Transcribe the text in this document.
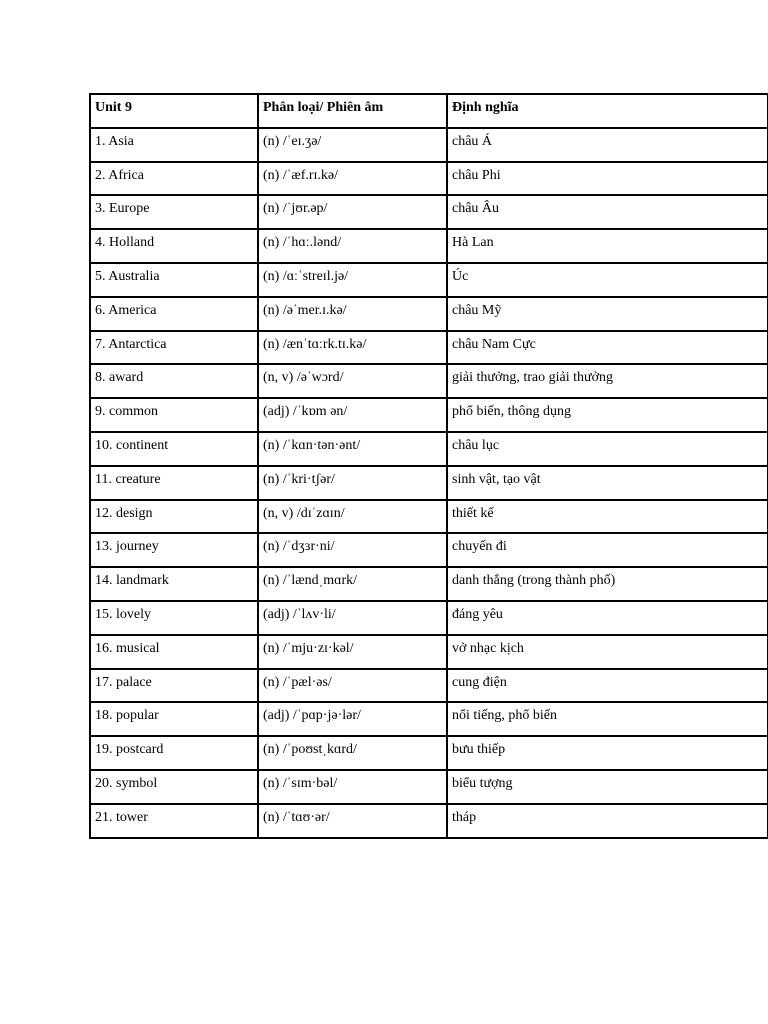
Unit 9	Phân loại/ Phiên âm	Định nghĩa

1. Asia	(n) /ˈeɪ.ʒə/	châu Á

2. Africa	(n) /ˈæf.rɪ.kə/	châu Phi

3. Europe	(n) /ˈjʊr.əp/	châu Âu

4. Holland	(n) /ˈhɑː.lənd/	Hà Lan

5. Australia	(n) /ɑːˈstreɪl.jə/	Úc

6. America	(n) /əˈmer.ɪ.kə/	châu Mỹ

7. Antarctica	(n) /ænˈtɑːrk.tɪ.kə/	châu Nam Cực

8. award	(n, v) /əˈwɔrd/	giải thưởng, trao giải thưởng

9. common	(adj) /ˈkɒm ən/	phổ biến, thông dụng

10. continent	(n) /ˈkɑn·tən·ənt/	châu lục

11. creature	(n) /ˈkri·tʃər/	sinh vật, tạo vật

12. design	(n, v) /dɪˈzɑɪn/	thiết kế

13. journey	(n) /ˈdʒɜr·ni/	chuyến đi

14. landmark	(n) /ˈlændˌmɑrk/	danh thắng (trong thành phố)

15. lovely	(adj) /ˈlʌv·li/	đáng yêu

16. musical	(n) /ˈmju·zɪ·kəl/	vở nhạc kịch

17. palace	(n) /ˈpæl·əs/	cung điện

18. popular	(adj) /ˈpɑp·jə·lər/	nổi tiếng, phổ biến

19. postcard	(n) /ˈpoʊstˌkɑrd/	bưu thiếp

20. symbol	(n) /ˈsɪm·bəl/	biểu tượng

21. tower	(n) /ˈtɑʊ·ər/	tháp
